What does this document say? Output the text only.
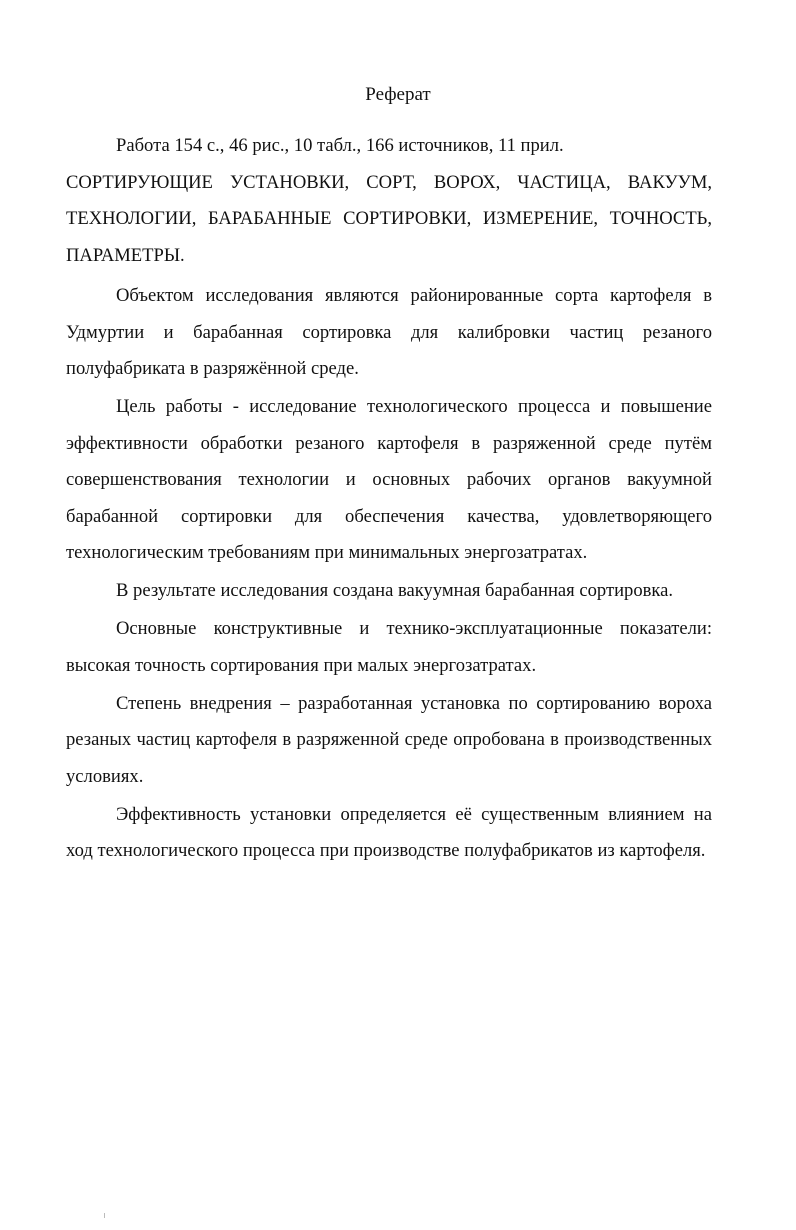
Реферат

Работа 154 с., 46 рис., 10 табл., 166 источников, 11 прил.

СОРТИРУЮЩИЕ УСТАНОВКИ, СОРТ, ВОРОХ, ЧАСТИЦА, ВАКУУМ, ТЕХНОЛОГИИ, БАРАБАННЫЕ СОРТИРОВКИ, ИЗМЕРЕНИЕ, ТОЧНОСТЬ, ПАРАМЕТРЫ.

Объектом исследования являются районированные сорта картофеля в Удмуртии и барабанная сортировка для калибровки частиц резаного полуфабриката в разряжённой среде.

Цель работы - исследование технологического процесса и повышение эффективности обработки резаного картофеля в разряженной среде путём совершенствования технологии и основных рабочих органов вакуумной барабанной сортировки для обеспечения качества, удовлетворяющего технологическим требованиям при минимальных энергозатратах.

В результате исследования создана вакуумная барабанная сортировка.

Основные конструктивные и технико-эксплуатационные показатели: высокая точность сортирования при малых энергозатратах.

Степень внедрения – разработанная установка по сортированию вороха резаных частиц картофеля в разряженной среде опробована в производственных условиях.

Эффективность установки определяется её существенным влиянием на ход технологического процесса при производстве полуфабрикатов из картофеля.
